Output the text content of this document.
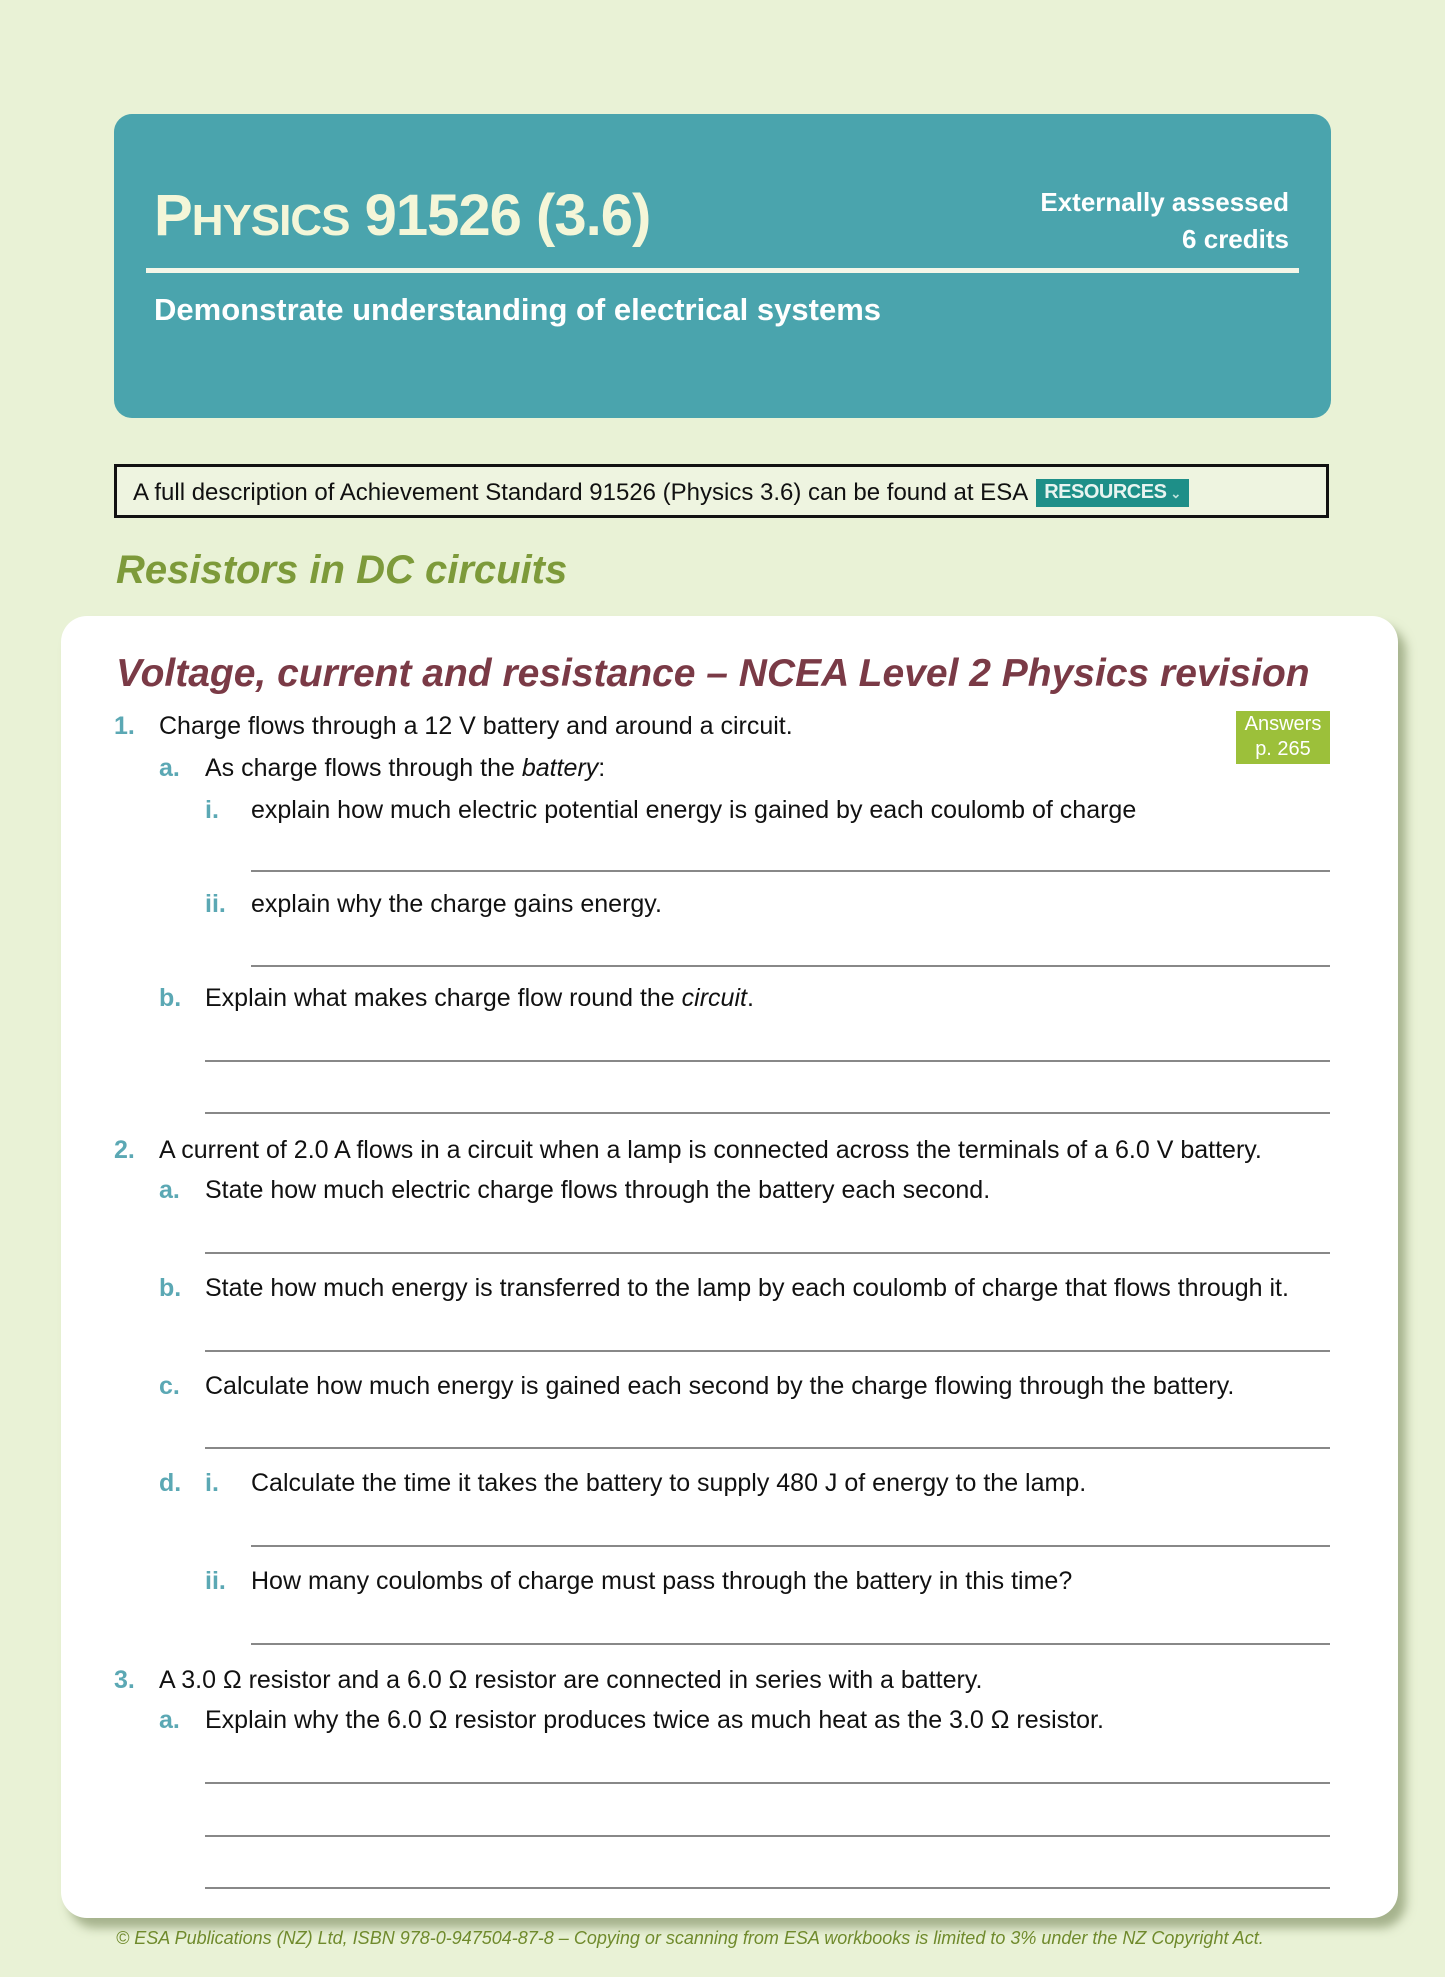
PHYSICS 91526 (3.6)	Externally assessed
6 credits
Demonstrate understanding of electrical systems
A full description of Achievement Standard 91526 (Physics 3.6) can be found at ESA RESOURCES ⌄
Resistors in DC circuits
Voltage, current and resistance – NCEA Level 2 Physics revision
Answers
p. 265
1. Charge flows through a 12 V battery and around a circuit.
a. As charge flows through the battery:
i. explain how much electric potential energy is gained by each coulomb of charge
ii. explain why the charge gains energy.
b. Explain what makes charge flow round the circuit.
2. A current of 2.0 A flows in a circuit when a lamp is connected across the terminals of a 6.0 V battery.
a. State how much electric charge flows through the battery each second.
b. State how much energy is transferred to the lamp by each coulomb of charge that flows through it.
c. Calculate how much energy is gained each second by the charge flowing through the battery.
d. i. Calculate the time it takes the battery to supply 480 J of energy to the lamp.
ii. How many coulombs of charge must pass through the battery in this time?
3. A 3.0 Ω resistor and a 6.0 Ω resistor are connected in series with a battery.
a. Explain why the 6.0 Ω resistor produces twice as much heat as the 3.0 Ω resistor.
© ESA Publications (NZ) Ltd, ISBN 978-0-947504-87-8 – Copying or scanning from ESA workbooks is limited to 3% under the NZ Copyright Act.
